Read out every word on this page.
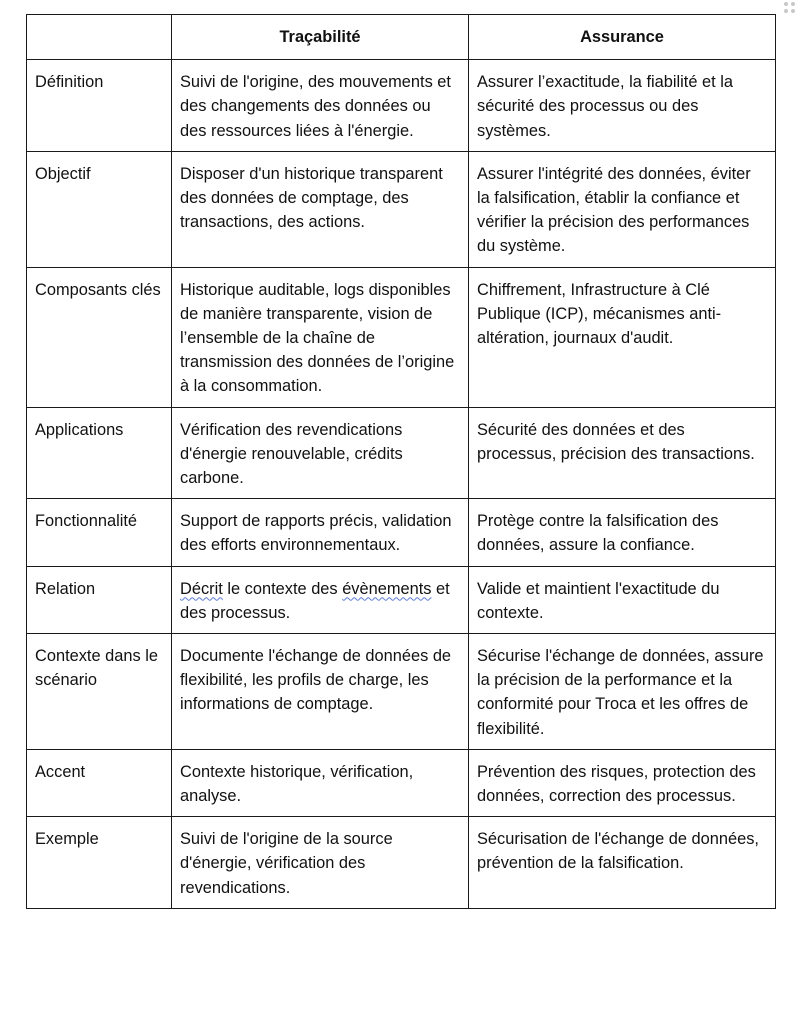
	Traçabilité	Assurance
Définition	Suivi de l'origine, des mouvements et des changements des données ou des ressources liées à l'énergie.	Assurer l’exactitude, la fiabilité et la sécurité des processus ou des systèmes.
Objectif	Disposer d'un historique transparent des données de comptage, des transactions, des actions.	Assurer l'intégrité des données, éviter la falsification, établir la confiance et vérifier la précision des performances du système.
Composants clés	Historique auditable, logs disponibles de manière transparente, vision de l’ensemble de la chaîne de transmission des données de l’origine à la consommation.	Chiffrement, Infrastructure à Clé Publique (ICP), mécanismes anti-altération, journaux d'audit.
Applications	Vérification des revendications d'énergie renouvelable, crédits carbone.	Sécurité des données et des processus, précision des transactions.
Fonctionnalité	Support de rapports précis, validation des efforts environnementaux.	Protège contre la falsification des données, assure la confiance.
Relation	Décrit le contexte des évènements et des processus.	Valide et maintient l'exactitude du contexte.
Contexte dans le scénario	Documente l'échange de données de flexibilité, les profils de charge, les informations de comptage.	Sécurise l'échange de données, assure la précision de la performance et la conformité pour Troca et les offres de flexibilité.
Accent	Contexte historique, vérification, analyse.	Prévention des risques, protection des données, correction des processus.
Exemple	Suivi de l'origine de la source d'énergie, vérification des revendications.	Sécurisation de l'échange de données, prévention de la falsification.
